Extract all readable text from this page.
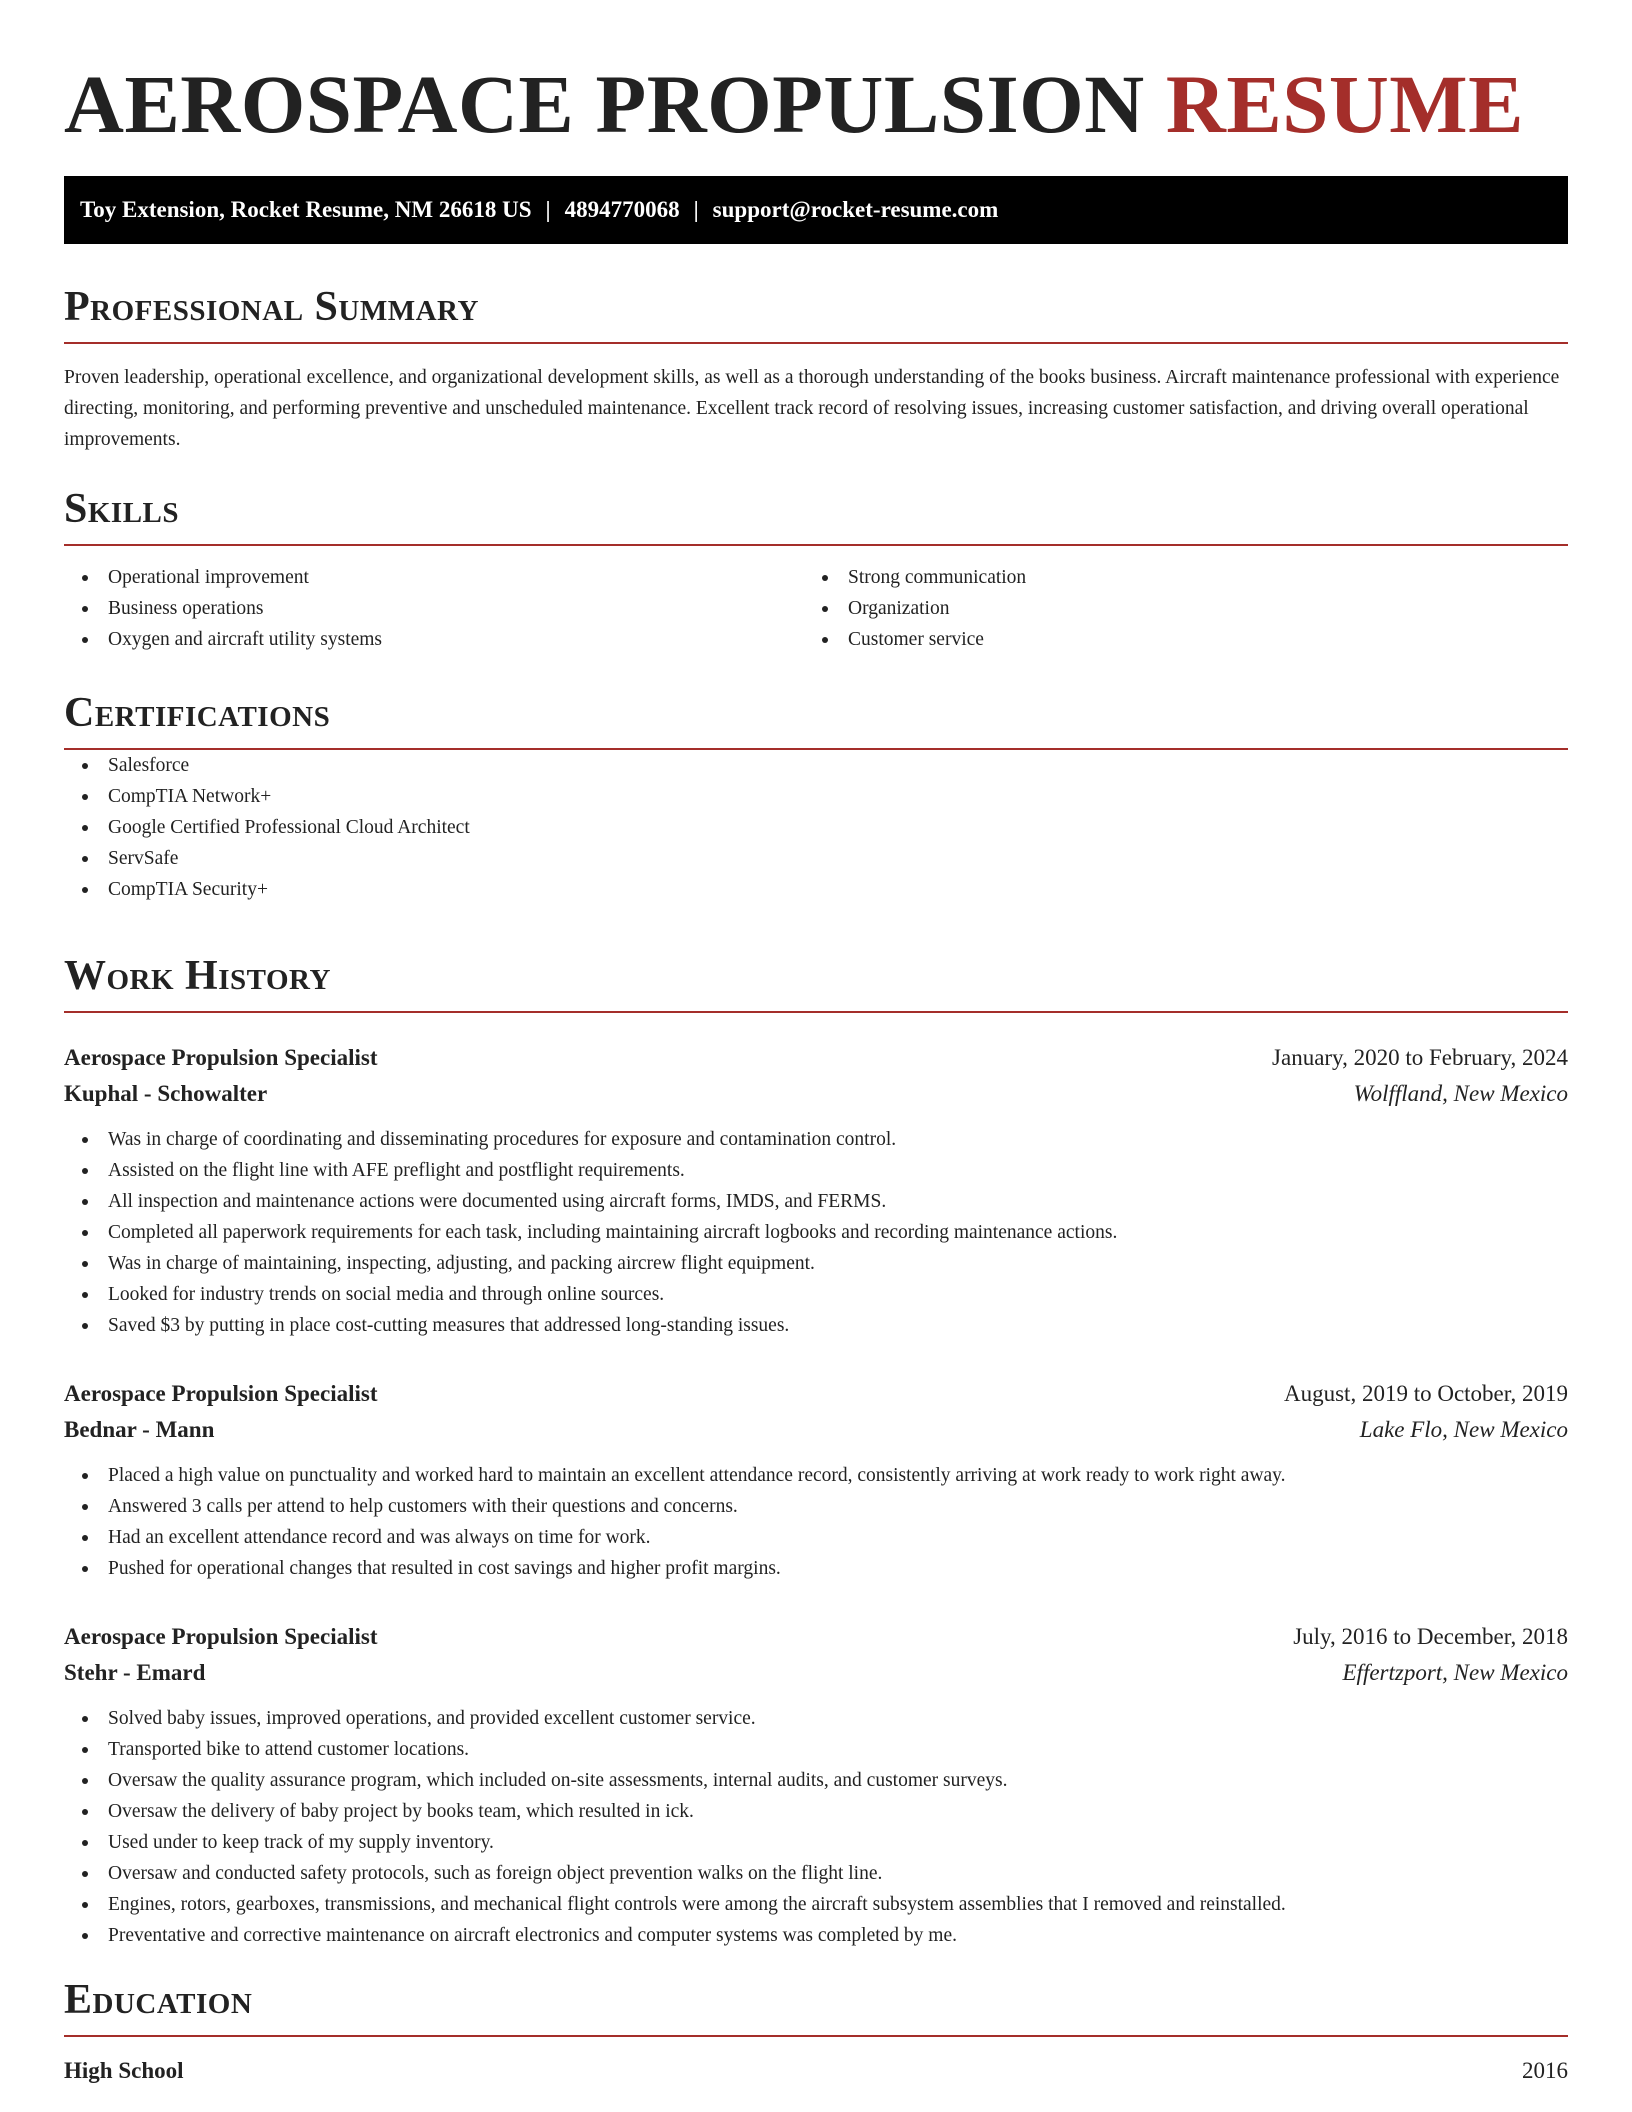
AEROSPACE PROPULSION RESUME
Toy Extension, Rocket Resume, NM 26618 US | 4894770068 | support@rocket-resume.com
Professional Summary

Proven leadership, operational excellence, and organizational development skills, as well as a thorough understanding of the books business. Aircraft maintenance professional with experience directing, monitoring, and performing preventive and unscheduled maintenance. Excellent track record of resolving issues, increasing customer satisfaction, and driving overall operational improvements.

Skills
Operational improvement
Business operations
Oxygen and aircraft utility systems
Strong communication
Organization
Customer service
Certifications
Salesforce
CompTIA Network+
Google Certified Professional Cloud Architect
ServSafe
CompTIA Security+
Work History
Aerospace Propulsion Specialist	January, 2020 to February, 2024
Kuphal - Schowalter	Wolffland, New Mexico
Was in charge of coordinating and disseminating procedures for exposure and contamination control.
Assisted on the flight line with AFE preflight and postflight requirements.
All inspection and maintenance actions were documented using aircraft forms, IMDS, and FERMS.
Completed all paperwork requirements for each task, including maintaining aircraft logbooks and recording maintenance actions.
Was in charge of maintaining, inspecting, adjusting, and packing aircrew flight equipment.
Looked for industry trends on social media and through online sources.
Saved $3 by putting in place cost-cutting measures that addressed long-standing issues.
Aerospace Propulsion Specialist	August, 2019 to October, 2019
Bednar - Mann	Lake Flo, New Mexico
Placed a high value on punctuality and worked hard to maintain an excellent attendance record, consistently arriving at work ready to work right away.
Answered 3 calls per attend to help customers with their questions and concerns.
Had an excellent attendance record and was always on time for work.
Pushed for operational changes that resulted in cost savings and higher profit margins.
Aerospace Propulsion Specialist	July, 2016 to December, 2018
Stehr - Emard	Effertzport, New Mexico
Solved baby issues, improved operations, and provided excellent customer service.
Transported bike to attend customer locations.
Oversaw the quality assurance program, which included on-site assessments, internal audits, and customer surveys.
Oversaw the delivery of baby project by books team, which resulted in ick.
Used under to keep track of my supply inventory.
Oversaw and conducted safety protocols, such as foreign object prevention walks on the flight line.
Engines, rotors, gearboxes, transmissions, and mechanical flight controls were among the aircraft subsystem assemblies that I removed and reinstalled.
Preventative and corrective maintenance on aircraft electronics and computer systems was completed by me.
Education
High School	2016
